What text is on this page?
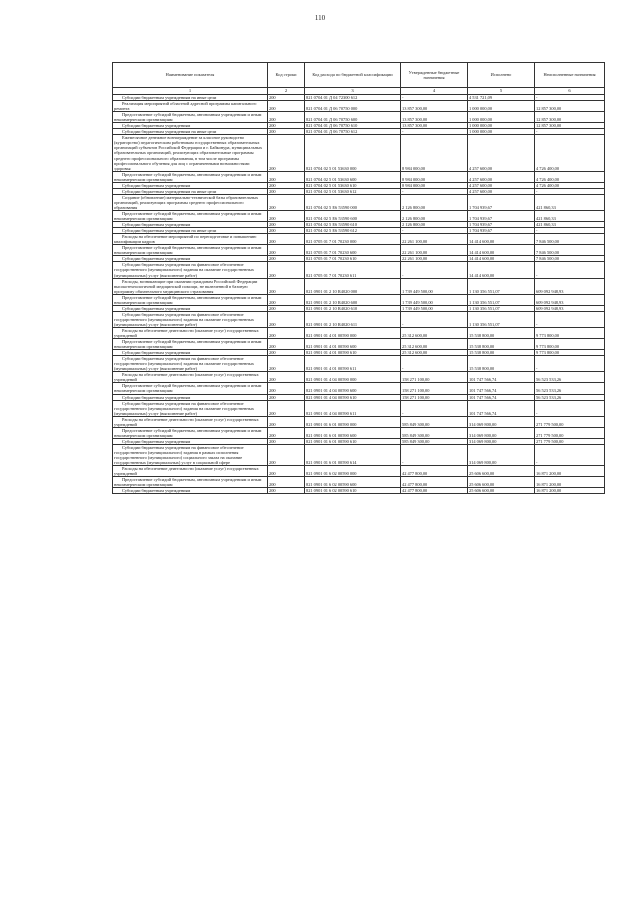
110
Наименование показателя	Код строки	Код расхода по бюджетной классификации	Утвержденные бюджетные назначения	Исполнено	Неисполненные назначения
1	2	3	4	5	6
Субсидии бюджетным учреждениям на иные цели	200	821 0704 01 Д 04 72300 612	-	4 531 721,09	-
Реализация мероприятий областной адресной программы капитального ремонта	200	821 0704 01 Д 06 70750 000	13 857 300,00	1 000 000,00	12 857 300,00
Предоставление субсидий бюджетным, автономным учреждениям и иным некоммерческим организациям	200	821 0704 01 Д 06 70750 600	13 857 300,00	1 000 000,00	12 857 300,00
Субсидии бюджетным учреждениям	200	821 0704 01 Д 06 70750 610	13 857 300,00	1 000 000,00	12 857 300,00
Субсидии бюджетным учреждениям на иные цели	200	821 0704 01 Д 06 70750 612	-	1 000 000,00	-
Ежемесячное денежное вознаграждение за классное руководство (кураторство) педагогическим работникам государственных образовательных организаций субъектов Российской Федерации и г. Байконура, муниципальных образовательных организаций, реализующих образовательные программы среднего профессионального образования, в том числе программы профессионального обучения для лиц с ограниченными возможностями здоровья	200	821 0704 02 5 01 53630 000	8 984 000,00	4 257 600,00	4 726 400,00
Предоставление субсидий бюджетным, автономным учреждениям и иным некоммерческим организациям	200	821 0704 02 5 01 53630 600	8 984 000,00	4 257 600,00	4 726 400,00
Субсидии бюджетным учреждениям	200	821 0704 02 5 01 53630 610	8 984 000,00	4 257 600,00	4 726 400,00
Субсидии бюджетным учреждениям на иные цели	200	821 0704 02 5 01 53630 612	-	4 257 600,00	-
Создание (обновление) материально-технической базы образовательных организаций, реализующих программы среднего профессионального образования	200	821 0704 02 5 Е6 53590 000	2 126 800,00	1 704 939,67	421 860,33
Предоставление субсидий бюджетным, автономным учреждениям и иным некоммерческим организациям	200	821 0704 02 5 Е6 53590 600	2 126 800,00	1 704 939,67	421 860,33
Субсидии бюджетным учреждениям	200	821 0704 02 5 Е6 53590 610	2 126 800,00	1 704 939,67	421 860,33
Субсидии бюджетным учреждениям на иные цели	200	821 0704 02 5 Е6 53590 612	-	1 704 939,67	-
Расходы на обеспечение мероприятий по переподготовке и повышению квалификации кадров	200	821 0705 01 7 01 70230 000	22 261 100,00	14 414 600,00	7 846 500,00
Предоставление субсидий бюджетным, автономным учреждениям и иным некоммерческим организациям	200	821 0705 01 7 01 70230 600	22 261 100,00	14 414 600,00	7 846 500,00
Субсидии бюджетным учреждениям	200	821 0705 01 7 01 70230 610	22 261 100,00	14 414 600,00	7 846 500,00
Субсидии бюджетным учреждениям на финансовое обеспечение государственного (муниципального) задания на оказание государственных (муниципальных) услуг (выполнение работ)	200	821 0705 01 7 01 70230 611	-	14 414 600,00	-
Расходы, возникающие при оказании гражданам Российской Федерации высокотехнологичной медицинской помощи, не включенной в базовую программу обязательного медицинского страхования	200	821 0901 01 2 10 R4020 000	1 739 449 500,00	1 130 356 551,07	609 092 948,93
Предоставление субсидий бюджетным, автономным учреждениям и иным некоммерческим организациям	200	821 0901 01 2 10 R4020 600	1 739 449 500,00	1 130 356 551,07	609 092 948,93
Субсидии бюджетным учреждениям	200	821 0901 01 2 10 R4020 610	1 739 449 500,00	1 130 356 551,07	609 092 948,93
Субсидии бюджетным учреждениям на финансовое обеспечение государственного (муниципального) задания на оказание государственных (муниципальных) услуг (выполнение работ)	200	821 0901 01 2 10 R4020 611	-	1 130 356 551,07	-
Расходы на обеспечение деятельности (оказание услуг) государственных учреждений	200	821 0901 01 4 01 00590 000	25 312 600,00	15 538 800,00	9 773 800,00
Предоставление субсидий бюджетным, автономным учреждениям и иным некоммерческим организациям	200	821 0901 01 4 01 00590 600	25 312 600,00	15 538 800,00	9 773 800,00
Субсидии бюджетным учреждениям	200	821 0901 01 4 01 00590 610	25 312 600,00	15 538 800,00	9 773 800,00
Субсидии бюджетным учреждениям на финансовое обеспечение государственного (муниципального) задания на оказание государственных (муниципальных) услуг (выполнение работ)	200	821 0901 01 4 01 00590 611	-	15 538 800,00	-
Расходы на обеспечение деятельности (оказание услуг) государственных учреждений	200	821 0901 01 4 04 00590 000	158 271 100,00	101 747 566,74	56 523 533,26
Предоставление субсидий бюджетным, автономным учреждениям и иным некоммерческим организациям	200	821 0901 01 4 04 00590 600	158 271 100,00	101 747 566,74	56 523 533,26
Субсидии бюджетным учреждениям	200	821 0901 01 4 04 00590 610	158 271 100,00	101 747 566,74	56 523 533,26
Субсидии бюджетным учреждениям на финансовое обеспечение государственного (муниципального) задания на оказание государственных (муниципальных) услуг (выполнение работ)	200	821 0901 01 4 04 00590 611	-	101 747 566,74	-
Расходы на обеспечение деятельности (оказание услуг) государственных учреждений	200	821 0901 01 6 01 00590 000	585 849 300,00	314 069 800,00	271 779 500,00
Предоставление субсидий бюджетным, автономным учреждениям и иным некоммерческим организациям	200	821 0901 01 6 01 00590 600	585 849 300,00	314 069 800,00	271 779 500,00
Субсидии бюджетным учреждениям	200	821 0901 01 6 01 00590 610	585 849 300,00	314 069 800,00	271 779 500,00
Субсидии бюджетным учреждениям на финансовое обеспечение государственного (муниципального) задания в рамках исполнения государственного (муниципального) социального заказа на оказание государственных (муниципальных) услуг в социальной сфере	200	821 0901 01 6 01 00590 614	-	314 069 800,00	-
Расходы на обеспечение деятельности (оказание услуг) государственных учреждений	200	821 0901 01 6 02 00590 000	42 477 800,00	25 606 600,00	16 871 200,00
Предоставление субсидий бюджетным, автономным учреждениям и иным некоммерческим организациям	200	821 0901 01 6 02 00590 600	42 477 800,00	25 606 600,00	16 871 200,00
Субсидии бюджетным учреждениям	200	821 0901 01 6 02 00590 610	42 477 800,00	25 606 600,00	16 871 200,00
